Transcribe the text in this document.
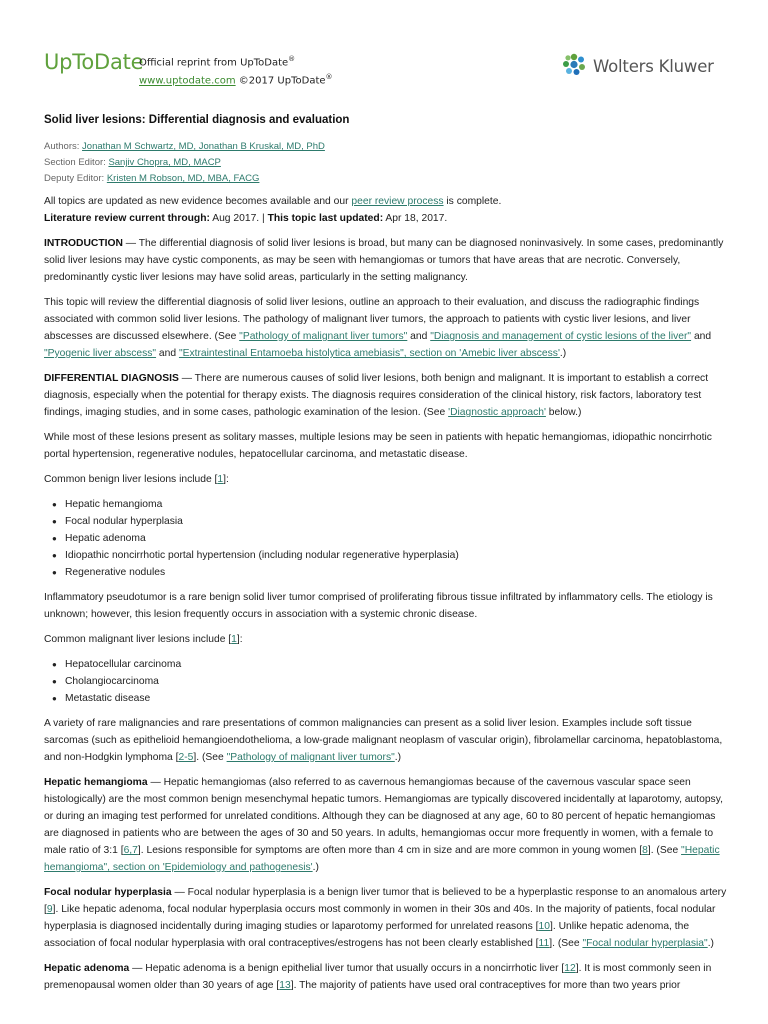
UpToDate
Official reprint from UpToDate®
www.uptodate.com ©2017 UpToDate®
Wolters Kluwer
Solid liver lesions: Differential diagnosis and evaluation
Authors: Jonathan M Schwartz, MD, Jonathan B Kruskal, MD, PhD
Section Editor: Sanjiv Chopra, MD, MACP
Deputy Editor: Kristen M Robson, MD, MBA, FACG
All topics are updated as new evidence becomes available and our peer review process is complete.

Literature review current through: Aug 2017. | This topic last updated: Apr 18, 2017.

INTRODUCTION — The differential diagnosis of solid liver lesions is broad, but many can be diagnosed noninvasively. In some cases, predominantly solid liver lesions may have cystic components, as may be seen with hemangiomas or tumors that have areas that are necrotic. Conversely, predominantly cystic liver lesions may have solid areas, particularly in the setting malignancy.

This topic will review the differential diagnosis of solid liver lesions, outline an approach to their evaluation, and discuss the radiographic findings associated with common solid liver lesions. The pathology of malignant liver tumors, the approach to patients with cystic liver lesions, and liver abscesses are discussed elsewhere. (See "Pathology of malignant liver tumors" and "Diagnosis and management of cystic lesions of the liver" and "Pyogenic liver abscess" and "Extraintestinal Entamoeba histolytica amebiasis", section on 'Amebic liver abscess'.)

DIFFERENTIAL DIAGNOSIS — There are numerous causes of solid liver lesions, both benign and malignant. It is important to establish a correct diagnosis, especially when the potential for therapy exists. The diagnosis requires consideration of the clinical history, risk factors, laboratory test findings, imaging studies, and in some cases, pathologic examination of the lesion. (See 'Diagnostic approach' below.)

While most of these lesions present as solitary masses, multiple lesions may be seen in patients with hepatic hemangiomas, idiopathic noncirrhotic portal hypertension, regenerative nodules, hepatocellular carcinoma, and metastatic disease.

Common benign liver lesions include [1]:

● Hepatic hemangioma
● Focal nodular hyperplasia
● Hepatic adenoma
● Idiopathic noncirrhotic portal hypertension (including nodular regenerative hyperplasia)
● Regenerative nodules

Inflammatory pseudotumor is a rare benign solid liver tumor comprised of proliferating fibrous tissue infiltrated by inflammatory cells. The etiology is unknown; however, this lesion frequently occurs in association with a systemic chronic disease.

Common malignant liver lesions include [1]:

● Hepatocellular carcinoma
● Cholangiocarcinoma
● Metastatic disease

A variety of rare malignancies and rare presentations of common malignancies can present as a solid liver lesion. Examples include soft tissue sarcomas (such as epithelioid hemangioendothelioma, a low-grade malignant neoplasm of vascular origin), fibrolamellar carcinoma, hepatoblastoma, and non-Hodgkin lymphoma [2-5]. (See "Pathology of malignant liver tumors".)

Hepatic hemangioma — Hepatic hemangiomas (also referred to as cavernous hemangiomas because of the cavernous vascular space seen histologically) are the most common benign mesenchymal hepatic tumors. Hemangiomas are typically discovered incidentally at laparotomy, autopsy, or during an imaging test performed for unrelated conditions. Although they can be diagnosed at any age, 60 to 80 percent of hepatic hemangiomas are diagnosed in patients who are between the ages of 30 and 50 years. In adults, hemangiomas occur more frequently in women, with a female to male ratio of 3:1 [6,7]. Lesions responsible for symptoms are often more than 4 cm in size and are more common in young women [8]. (See "Hepatic hemangioma", section on 'Epidemiology and pathogenesis'.)

Focal nodular hyperplasia — Focal nodular hyperplasia is a benign liver tumor that is believed to be a hyperplastic response to an anomalous artery [9]. Like hepatic adenoma, focal nodular hyperplasia occurs most commonly in women in their 30s and 40s. In the majority of patients, focal nodular hyperplasia is diagnosed incidentally during imaging studies or laparotomy performed for unrelated reasons [10]. Unlike hepatic adenoma, the association of focal nodular hyperplasia with oral contraceptives/estrogens has not been clearly established [11]. (See "Focal nodular hyperplasia".)

Hepatic adenoma — Hepatic adenoma is a benign epithelial liver tumor that usually occurs in a noncirrhotic liver [12]. It is most commonly seen in premenopausal women older than 30 years of age [13]. The majority of patients have used oral contraceptives for more than two years prior
